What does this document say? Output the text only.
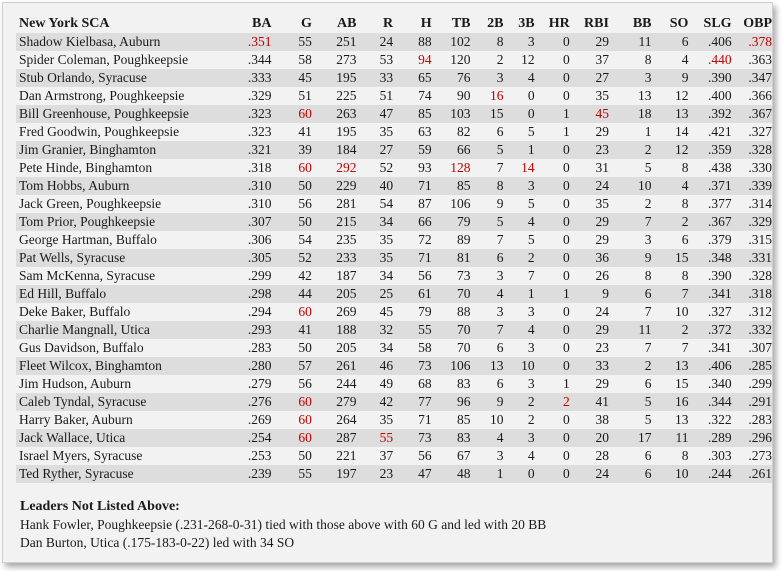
New York SCA	BA	G	AB	R	H	TB	2B	3B	HR	RBI	BB	SO	SLG	OBP
Shadow Kielbasa, Auburn	.351	55	251	24	88	102	8	3	0	29	11	6	.406	.378
Spider Coleman, Poughkeepsie	.344	58	273	53	94	120	2	12	0	37	8	4	.440	.363
Stub Orlando, Syracuse	.333	45	195	33	65	76	3	4	0	27	3	9	.390	.347
Dan Armstrong, Poughkeepsie	.329	51	225	51	74	90	16	0	0	35	13	12	.400	.366
Bill Greenhouse, Poughkeepsie	.323	60	263	47	85	103	15	0	1	45	18	13	.392	.367
Fred Goodwin, Poughkeepsie	.323	41	195	35	63	82	6	5	1	29	1	14	.421	.327
Jim Granier, Binghamton	.321	39	184	27	59	66	5	1	0	23	2	12	.359	.328
Pete Hinde, Binghamton	.318	60	292	52	93	128	7	14	0	31	5	8	.438	.330
Tom Hobbs, Auburn	.310	50	229	40	71	85	8	3	0	24	10	4	.371	.339
Jack Green, Poughkeepsie	.310	56	281	54	87	106	9	5	0	35	2	8	.377	.314
Tom Prior, Poughkeepsie	.307	50	215	34	66	79	5	4	0	29	7	2	.367	.329
George Hartman, Buffalo	.306	54	235	35	72	89	7	5	0	29	3	6	.379	.315
Pat Wells, Syracuse	.305	52	233	35	71	81	6	2	0	36	9	15	.348	.331
Sam McKenna, Syracuse	.299	42	187	34	56	73	3	7	0	26	8	8	.390	.328
Ed Hill, Buffalo	.298	44	205	25	61	70	4	1	1	9	6	7	.341	.318
Deke Baker, Buffalo	.294	60	269	45	79	88	3	3	0	24	7	10	.327	.312
Charlie Mangnall, Utica	.293	41	188	32	55	70	7	4	0	29	11	2	.372	.332
Gus Davidson, Buffalo	.283	50	205	34	58	70	6	3	0	23	7	7	.341	.307
Fleet Wilcox, Binghamton	.280	57	261	46	73	106	13	10	0	33	2	13	.406	.285
Jim Hudson, Auburn	.279	56	244	49	68	83	6	3	1	29	6	15	.340	.299
Caleb Tyndal, Syracuse	.276	60	279	42	77	96	9	2	2	41	5	16	.344	.291
Harry Baker, Auburn	.269	60	264	35	71	85	10	2	0	38	5	13	.322	.283
Jack Wallace, Utica	.254	60	287	55	73	83	4	3	0	20	17	11	.289	.296
Israel Myers, Syracuse	.253	50	221	37	56	67	3	4	0	28	6	8	.303	.273
Ted Ryther, Syracuse	.239	55	197	23	47	48	1	0	0	24	6	10	.244	.261
Leaders Not Listed Above:
Hank Fowler, Poughkeepsie (.231-268-0-31) tied with those above with 60 G and led with 20 BB
Dan Burton, Utica (.175-183-0-22) led with 34 SO
